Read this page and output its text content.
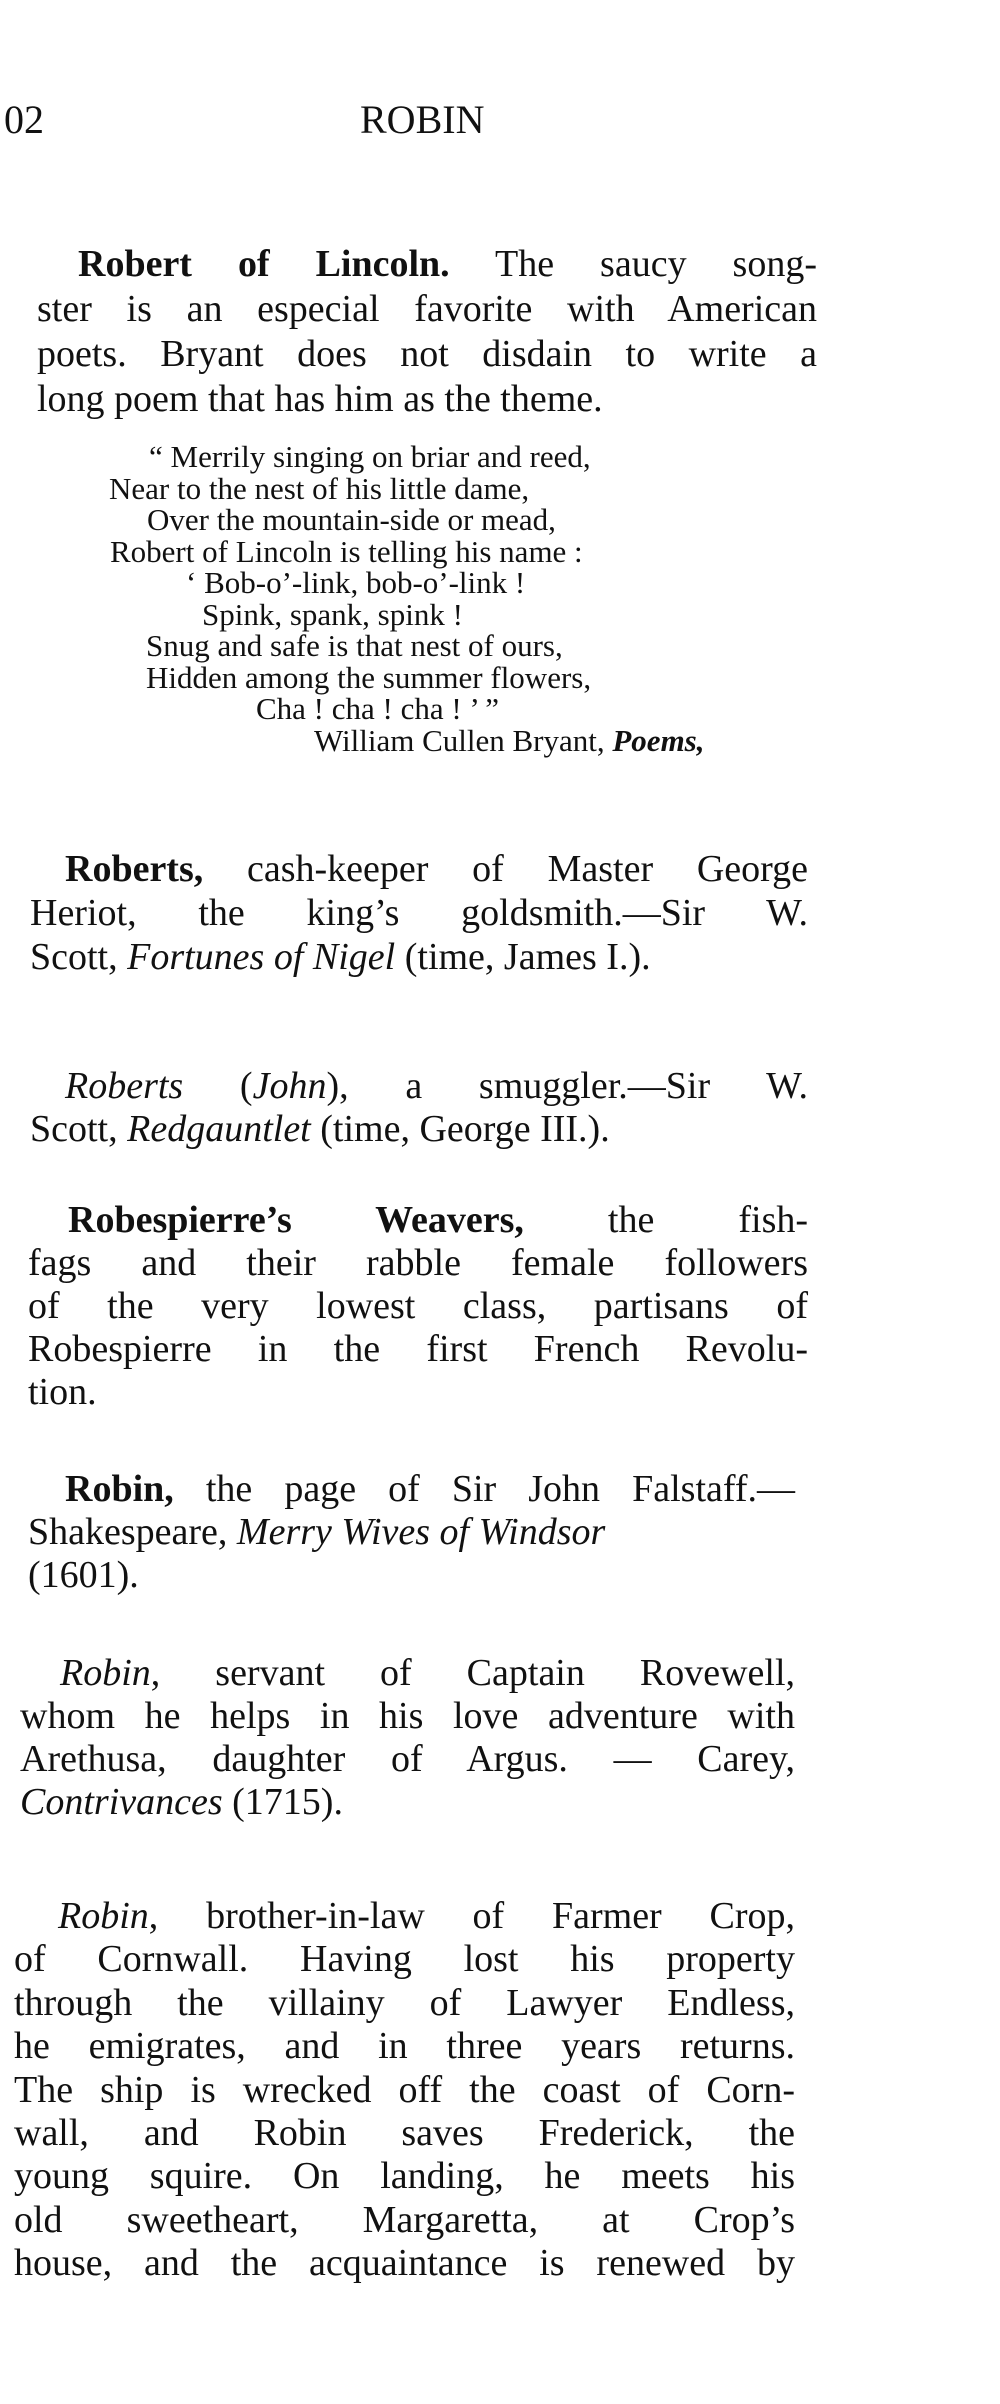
02	ROBIN
Robert of Lincoln. The saucy song-
ster is an especial favorite with American
poets. Bryant does not disdain to write a
long poem that has him as the theme.
“ Merrily singing on briar and reed,
Near to the nest of his little dame,
Over the mountain-side or mead,
Robert of Lincoln is telling his name :
‘ Bob-o’-link, bob-o’-link !
Spink, spank, spink !
Snug and safe is that nest of ours,
Hidden among the summer flowers,
Cha ! cha ! cha ! ’ ”
William Cullen Bryant, Poems,
Roberts, cash-keeper of Master George
Heriot, the king’s goldsmith.—Sir W.
Scott, Fortunes of Nigel (time, James I.).
Roberts (John), a smuggler.—Sir W.
Scott, Redgauntlet (time, George III.).
Robespierre’s Weavers, the fish-
fags and their rabble female followers
of the very lowest class, partisans of
Robespierre in the first French Revolu-
tion.
Robin, the page of Sir John Falstaff.—
Shakespeare, Merry Wives of Windsor
(1601).
Robin, servant of Captain Rovewell,
whom he helps in his love adventure with
Arethusa, daughter of Argus. — Carey,
Contrivances (1715).
Robin, brother-in-law of Farmer Crop,
of Cornwall. Having lost his property
through the villainy of Lawyer Endless,
he emigrates, and in three years returns.
The ship is wrecked off the coast of Corn-
wall, and Robin saves Frederick, the
young squire. On landing, he meets his
old sweetheart, Margaretta, at Crop’s
house, and the acquaintance is renewed by
